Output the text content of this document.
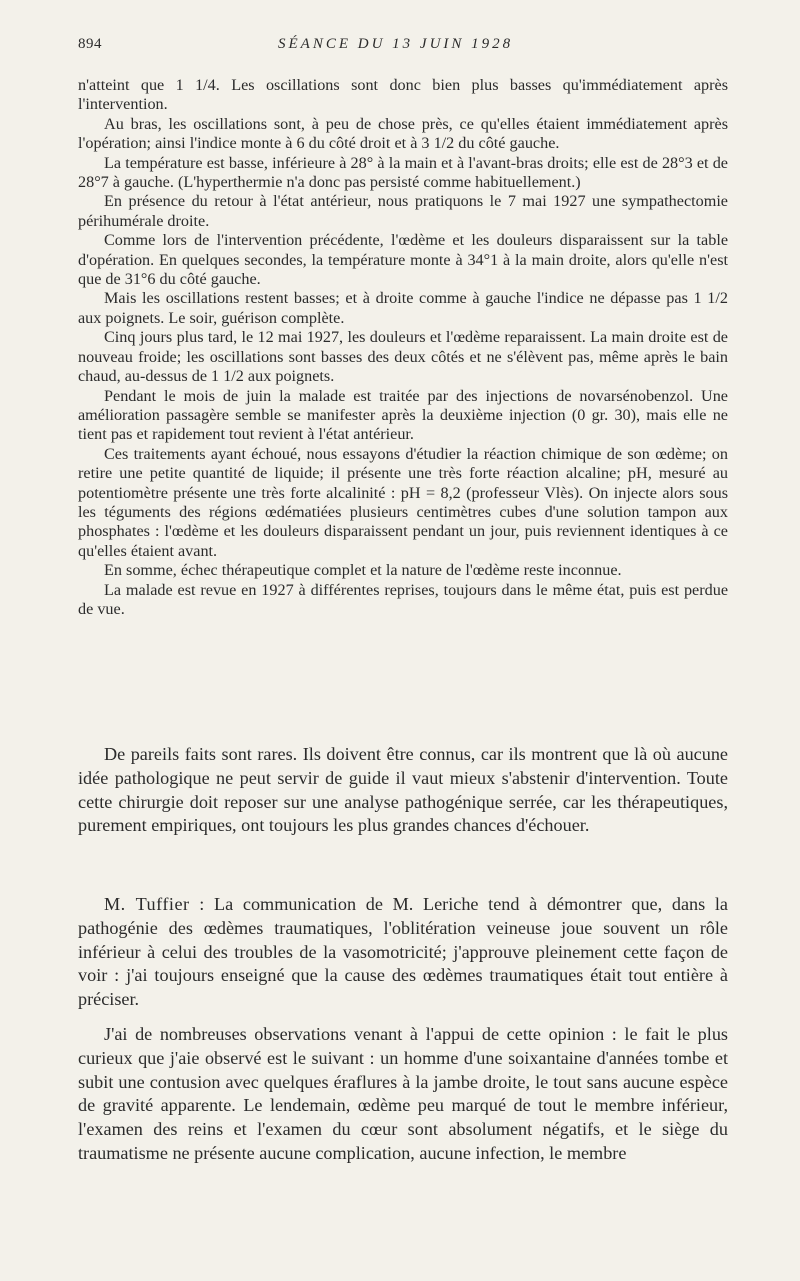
894	SÉANCE DU 13 JUIN 1928

n'atteint que 1 1/4. Les oscillations sont donc bien plus basses qu'immédiatement après l'intervention.

Au bras, les oscillations sont, à peu de chose près, ce qu'elles étaient immédiatement après l'opération; ainsi l'indice monte à 6 du côté droit et à 3 1/2 du côté gauche.

La température est basse, inférieure à 28° à la main et à l'avant-bras droits; elle est de 28°3 et de 28°7 à gauche. (L'hyperthermie n'a donc pas persisté comme habituellement.)

En présence du retour à l'état antérieur, nous pratiquons le 7 mai 1927 une sympathectomie périhumérale droite.

Comme lors de l'intervention précédente, l'œdème et les douleurs disparaissent sur la table d'opération. En quelques secondes, la température monte à 34°1 à la main droite, alors qu'elle n'est que de 31°6 du côté gauche.

Mais les oscillations restent basses; et à droite comme à gauche l'indice ne dépasse pas 1 1/2 aux poignets. Le soir, guérison complète.

Cinq jours plus tard, le 12 mai 1927, les douleurs et l'œdème reparaissent. La main droite est de nouveau froide; les oscillations sont basses des deux côtés et ne s'élèvent pas, même après le bain chaud, au-dessus de 1 1/2 aux poignets.

Pendant le mois de juin la malade est traitée par des injections de novarsénobenzol. Une amélioration passagère semble se manifester après la deuxième injection (0 gr. 30), mais elle ne tient pas et rapidement tout revient à l'état antérieur.

Ces traitements ayant échoué, nous essayons d'étudier la réaction chimique de son œdème; on retire une petite quantité de liquide; il présente une très forte réaction alcaline; pH, mesuré au potentiomètre présente une très forte alcalinité : pH = 8,2 (professeur Vlès). On injecte alors sous les téguments des régions œdématiées plusieurs centimètres cubes d'une solution tampon aux phosphates : l'œdème et les douleurs disparaissent pendant un jour, puis reviennent identiques à ce qu'elles étaient avant.

En somme, échec thérapeutique complet et la nature de l'œdème reste inconnue.

La malade est revue en 1927 à différentes reprises, toujours dans le même état, puis est perdue de vue.

De pareils faits sont rares. Ils doivent être connus, car ils montrent que là où aucune idée pathologique ne peut servir de guide il vaut mieux s'abstenir d'intervention. Toute cette chirurgie doit reposer sur une analyse pathogénique serrée, car les thérapeutiques, purement empiriques, ont toujours les plus grandes chances d'échouer.

M. Tuffier : La communication de M. Leriche tend à démontrer que, dans la pathogénie des œdèmes traumatiques, l'oblitération veineuse joue souvent un rôle inférieur à celui des troubles de la vasomotricité; j'approuve pleinement cette façon de voir : j'ai toujours enseigné que la cause des œdèmes traumatiques était tout entière à préciser.

J'ai de nombreuses observations venant à l'appui de cette opinion : le fait le plus curieux que j'aie observé est le suivant : un homme d'une soixantaine d'années tombe et subit une contusion avec quelques éraflures à la jambe droite, le tout sans aucune espèce de gravité apparente. Le lendemain, œdème peu marqué de tout le membre inférieur, l'examen des reins et l'examen du cœur sont absolument négatifs, et le siège du traumatisme ne présente aucune complication, aucune infection, le membre
